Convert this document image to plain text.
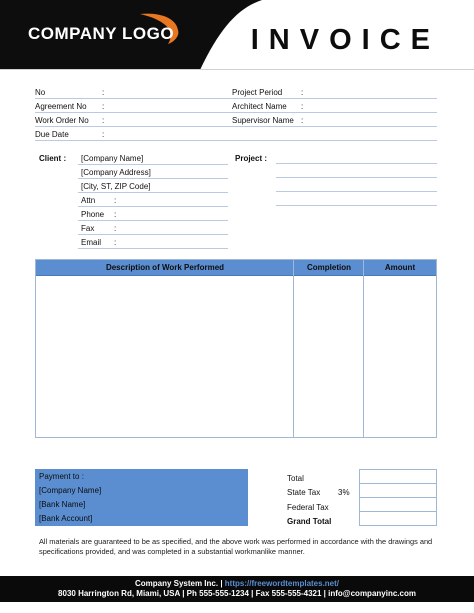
COMPANY LOGO	INVOICE
No	:
Agreement No :
Work Order No :
Due Date	:
Project Period :
Architect Name :
Supervisor Name :
Client : [Company Name]
[Company Address]
[City, ST, ZIP Code]
Attn :
Phone :
Fax :
Email :
Project :
Description of Work Performed	Completion	Amount
Payment to :
[Company Name]
[Bank Name]
[Bank Account]
Total
State Tax 3%
Federal Tax
Grand Total
All materials are guaranteed to be as specified, and the above work was performed in accordance with the drawings and specifications provided, and was completed in a substantial workmanlike manner.
Company System Inc. | https://freewordtemplates.net/
8030 Harrington Rd, Miami, USA | Ph 555-555-1234 | Fax 555-555-4321 | info@companyinc.com
